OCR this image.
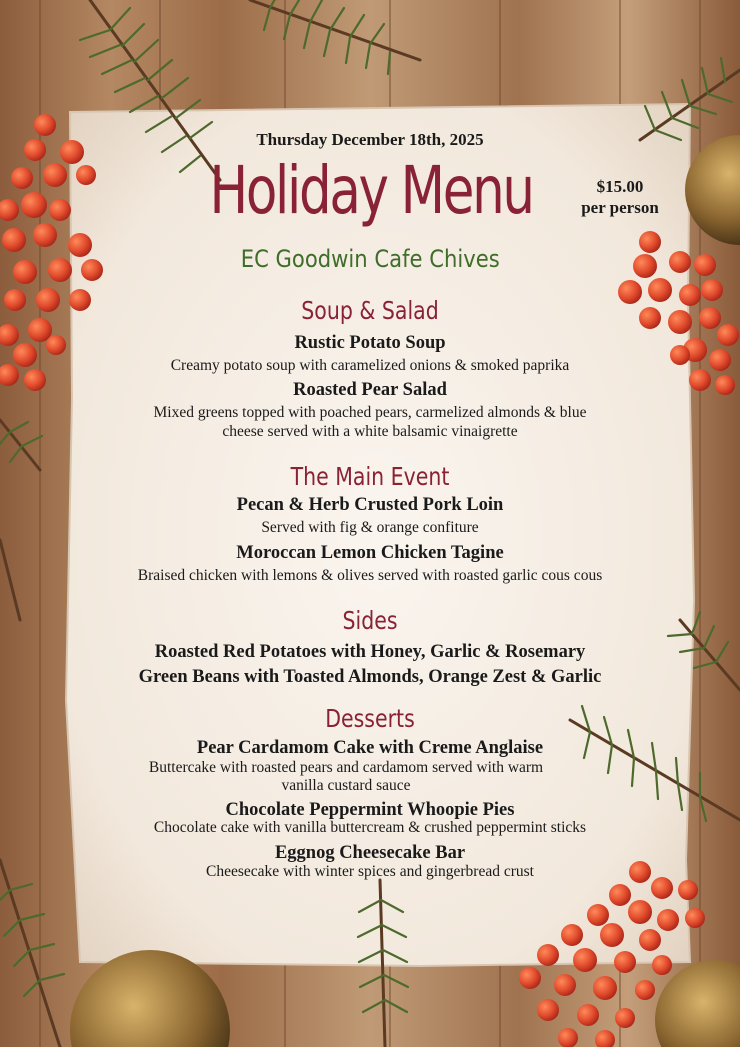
Thursday December 18th, 2025
Holiday Menu
EC Goodwin Cafe Chives
$15.00
per person
Soup & Salad
Rustic Potato Soup
Creamy potato soup with caramelized onions & smoked paprika
Roasted Pear Salad
Mixed greens topped with poached pears, carmelized almonds & blue
cheese served with a white balsamic vinaigrette
The Main Event
Pecan & Herb Crusted Pork Loin
Served with fig & orange confiture
Moroccan Lemon Chicken Tagine
Braised chicken with lemons & olives served with roasted garlic cous cous
Sides
Roasted Red Potatoes with Honey, Garlic & Rosemary
Green Beans with Toasted Almonds, Orange Zest & Garlic
Desserts
Pear Cardamom Cake with Creme Anglaise
Buttercake with roasted pears and cardamom served with warm
vanilla custard sauce
Chocolate Peppermint Whoopie Pies
Chocolate cake with vanilla buttercream & crushed peppermint sticks
Eggnog Cheesecake Bar
Cheesecake with winter spices and gingerbread crust
